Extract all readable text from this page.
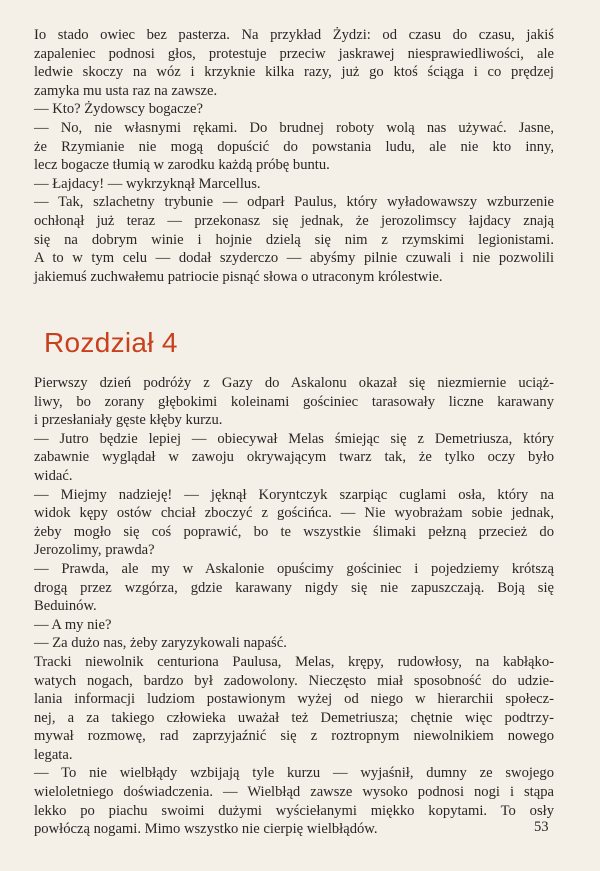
Io stado owiec bez pasterza. Na przykład Żydzi: od czasu do czasu, jakiś

zapaleniec podnosi głos, protestuje przeciw jaskrawej niesprawiedliwości, ale

ledwie skoczy na wóz i krzyknie kilka razy, już go ktoś ściąga i co prędzej

zamyka mu usta raz na zawsze.

— Kto? Żydowscy bogacze?

— No, nie własnymi rękami. Do brudnej roboty wolą nas używać. Jasne,

że Rzymianie nie mogą dopuścić do powstania ludu, ale nie kto inny,

lecz bogacze tłumią w zarodku każdą próbę buntu.

— Łajdacy! — wykrzyknął Marcellus.

— Tak, szlachetny trybunie — odparł Paulus, który wyładowawszy wzburzenie

ochłonął już teraz — przekonasz się jednak, że jerozolimscy łajdacy znają

się na dobrym winie i hojnie dzielą się nim z rzymskimi legionistami.

A to w tym celu — dodał szyderczo — abyśmy pilnie czuwali i nie pozwolili

jakiemuś zuchwałemu patriocie pisnąć słowa o utraconym królestwie.

Rozdział 4

Pierwszy dzień podróży z Gazy do Askalonu okazał się niezmiernie uciąż-

liwy, bo zorany głębokimi koleinami gościniec tarasowały liczne karawany

i przesłaniały gęste kłęby kurzu.

— Jutro będzie lepiej — obiecywał Melas śmiejąc się z Demetriusza, który

zabawnie wyglądał w zawoju okrywającym twarz tak, że tylko oczy było

widać.

— Miejmy nadzieję! — jęknął Koryntczyk szarpiąc cuglami osła, który na

widok kępy ostów chciał zboczyć z gościńca. — Nie wyobrażam sobie jednak,

żeby mogło się coś poprawić, bo te wszystkie ślimaki pełzną przecież do

Jerozolimy, prawda?

— Prawda, ale my w Askalonie opuścimy gościniec i pojedziemy krótszą

drogą przez wzgórza, gdzie karawany nigdy się nie zapuszczają. Boją się

Beduinów.

— A my nie?

— Za dużo nas, żeby zaryzykowali napaść.

Tracki niewolnik centuriona Paulusa, Melas, krępy, rudowłosy, na kabłąko-

watych nogach, bardzo był zadowolony. Nieczęsto miał sposobność do udzie-

lania informacji ludziom postawionym wyżej od niego w hierarchii społecz-

nej, a za takiego człowieka uważał też Demetriusza; chętnie więc podtrzy-

mywał rozmowę, rad zaprzyjaźnić się z roztropnym niewolnikiem nowego

legata.

— To nie wielbłądy wzbijają tyle kurzu — wyjaśnił, dumny ze swojego

wieloletniego doświadczenia. — Wielbłąd zawsze wysoko podnosi nogi i stąpa

lekko po piachu swoimi dużymi wyściełanymi miękko kopytami. To osły

powłóczą nogami. Mimo wszystko nie cierpię wielbłądów.	53
